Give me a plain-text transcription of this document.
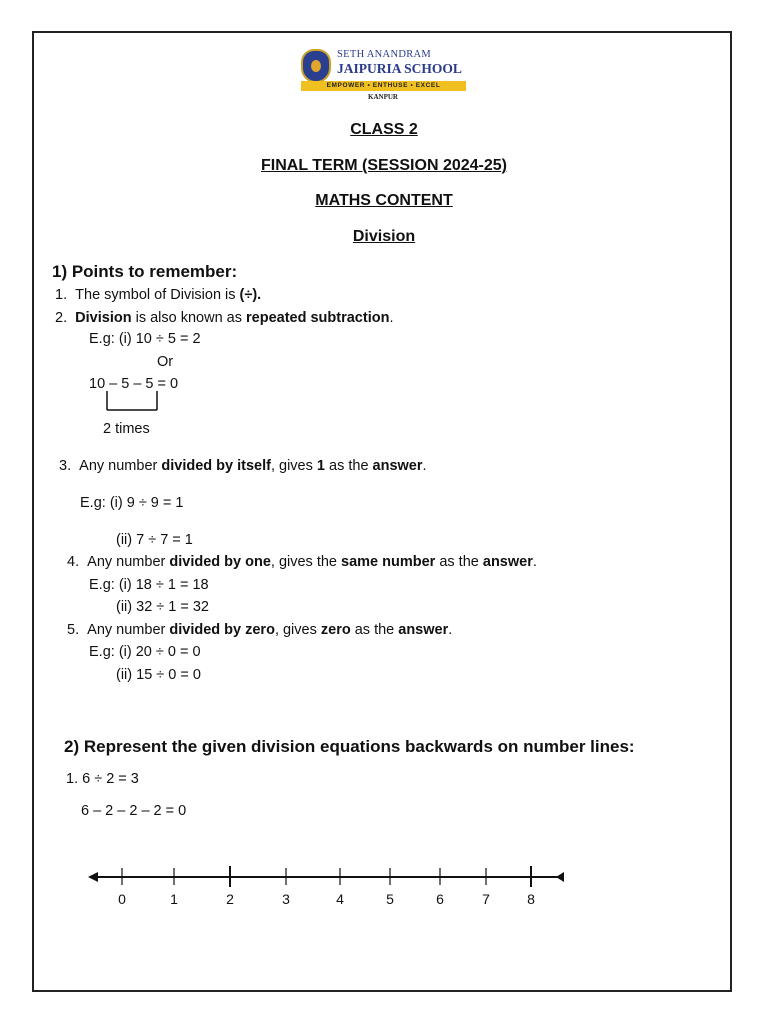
SETH ANANDRAM
JAIPURIA SCHOOL
EMPOWER • ENTHUSE • EXCEL
KANPUR
CLASS 2
FINAL TERM (SESSION 2024-25)
MATHS CONTENT
Division
1) Points to remember:
1. The symbol of Division is (÷).
2. Division is also known as repeated subtraction.
E.g: (i) 10 ÷ 5 = 2
Or
10 – 5 – 5 = 0
2 times
3. Any number divided by itself, gives 1 as the answer.
E.g: (i) 9 ÷ 9 = 1
(ii) 7 ÷ 7 = 1
4. Any number divided by one, gives the same number as the answer.
E.g: (i) 18 ÷ 1 = 18
(ii) 32 ÷ 1 = 32
5. Any number divided by zero, gives zero as the answer.
E.g: (i) 20 ÷ 0 = 0
(ii) 15 ÷ 0 = 0
2) Represent the given division equations backwards on number lines:
1. 6 ÷ 2 = 3
6 – 2 – 2 – 2 = 0
0	1	2	3	4	5	6	7	8
